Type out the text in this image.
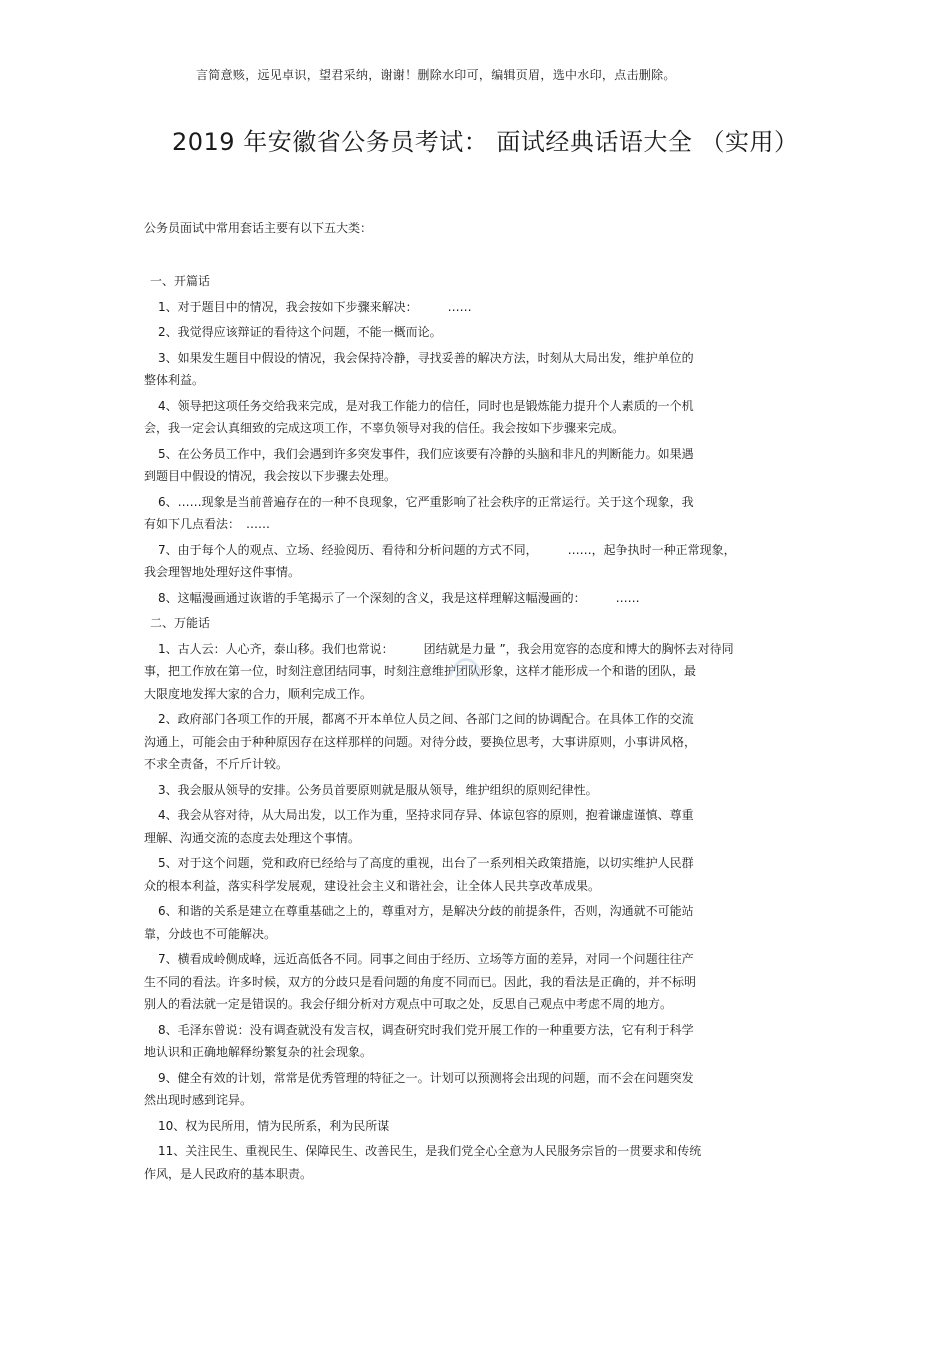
言简意赅，远见卓识，望君采纳，谢谢！删除水印可，编辑页眉，选中水印，点击删除。
2019 年安徽省公务员考试： 面试经典话语大全 （实用）
公务员面试中常用套话主要有以下五大类：
一、开篇话
1、对于题目中的情况，我会按如下步骤来解决：　　　……
2、我觉得应该辩证的看待这个问题，不能一概而论。
3、如果发生题目中假设的情况，我会保持冷静，寻找妥善的解决方法，时刻从大局出发，维护单位的
整体利益。
4、领导把这项任务交给我来完成，是对我工作能力的信任，同时也是锻炼能力提升个人素质的一个机
会，我一定会认真细致的完成这项工作，不辜负领导对我的信任。我会按如下步骤来完成。
5、在公务员工作中，我们会遇到许多突发事件，我们应该要有冷静的头脑和非凡的判断能力。如果遇
到题目中假设的情况，我会按以下步骤去处理。
6、……现象是当前普遍存在的一种不良现象，它严重影响了社会秩序的正常运行。关于这个现象，我
有如下几点看法：　……
7、由于每个人的观点、立场、经验阅历、看待和分析问题的方式不同，　　　……，起争执时一种正常现象，
我会理智地处理好这件事情。
8、这幅漫画通过诙谐的手笔揭示了一个深刻的含义，我是这样理解这幅漫画的：　　　……
二、万能话
1、古人云：人心齐，泰山移。我们也常说：　　　团结就是力量 ”，我会用宽容的态度和博大的胸怀去对待同
事，把工作放在第一位，时刻注意团结同事，时刻注意维护团队形象，这样才能形成一个和谐的团队，最
大限度地发挥大家的合力，顺利完成工作。
2、政府部门各项工作的开展，都离不开本单位人员之间、各部门之间的协调配合。在具体工作的交流
沟通上，可能会由于种种原因存在这样那样的问题。对待分歧，要换位思考，大事讲原则，小事讲风格，
不求全责备，不斤斤计较。
3、我会服从领导的安排。公务员首要原则就是服从领导，维护组织的原则纪律性。
4、我会从容对待，从大局出发，以工作为重，坚持求同存异、体谅包容的原则，抱着谦虚谨慎、尊重
理解、沟通交流的态度去处理这个事情。
5、对于这个问题，党和政府已经给与了高度的重视，出台了一系列相关政策措施，以切实维护人民群
众的根本利益，落实科学发展观，建设社会主义和谐社会，让全体人民共享改革成果。
6、和谐的关系是建立在尊重基础之上的，尊重对方，是解决分歧的前提条件，否则，沟通就不可能站
靠，分歧也不可能解决。
7、横看成岭侧成峰，远近高低各不同。同事之间由于经历、立场等方面的差异，对同一个问题往往产
生不同的看法。许多时候，双方的分歧只是看问题的角度不同而已。因此，我的看法是正确的，并不标明
别人的看法就一定是错误的。我会仔细分析对方观点中可取之处，反思自己观点中考虑不周的地方。
8、毛泽东曾说：没有调查就没有发言权，调查研究时我们党开展工作的一种重要方法，它有利于科学
地认识和正确地解释纷繁复杂的社会现象。
9、健全有效的计划，常常是优秀管理的特征之一。计划可以预测将会出现的问题，而不会在问题突发
然出现时感到诧异。
10、权为民所用，情为民所系，利为民所谋
11、关注民生、重视民生、保障民生、改善民生，是我们党全心全意为人民服务宗旨的一贯要求和传统
作风，是人民政府的基本职责。
